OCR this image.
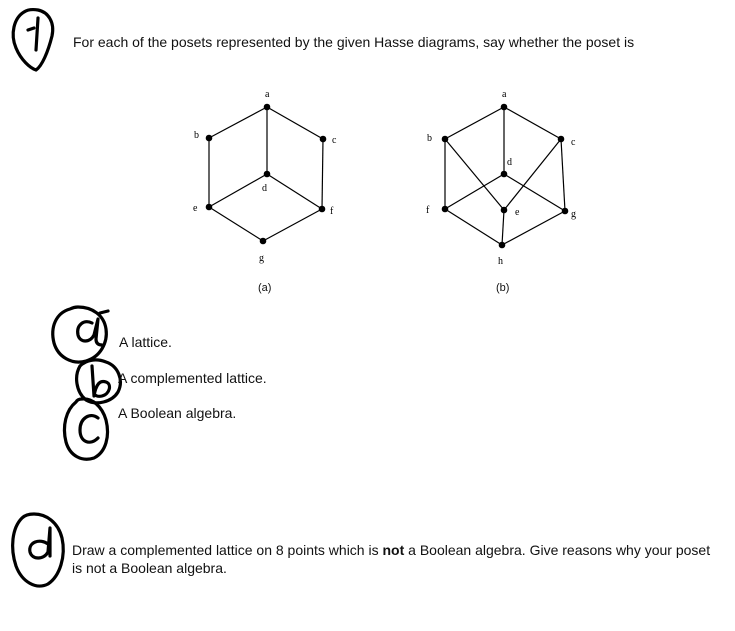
For each of the posets represented by the given Hasse diagrams, say whether the poset is
a
b	c
d
e	f
g
(a)
a
b	c
d
e
f	g
h
(b)
A lattice.
A complemented lattice.
A Boolean algebra.
Draw a complemented lattice on 8 points which is not a Boolean algebra. Give reasons why your poset is not a Boolean algebra.
